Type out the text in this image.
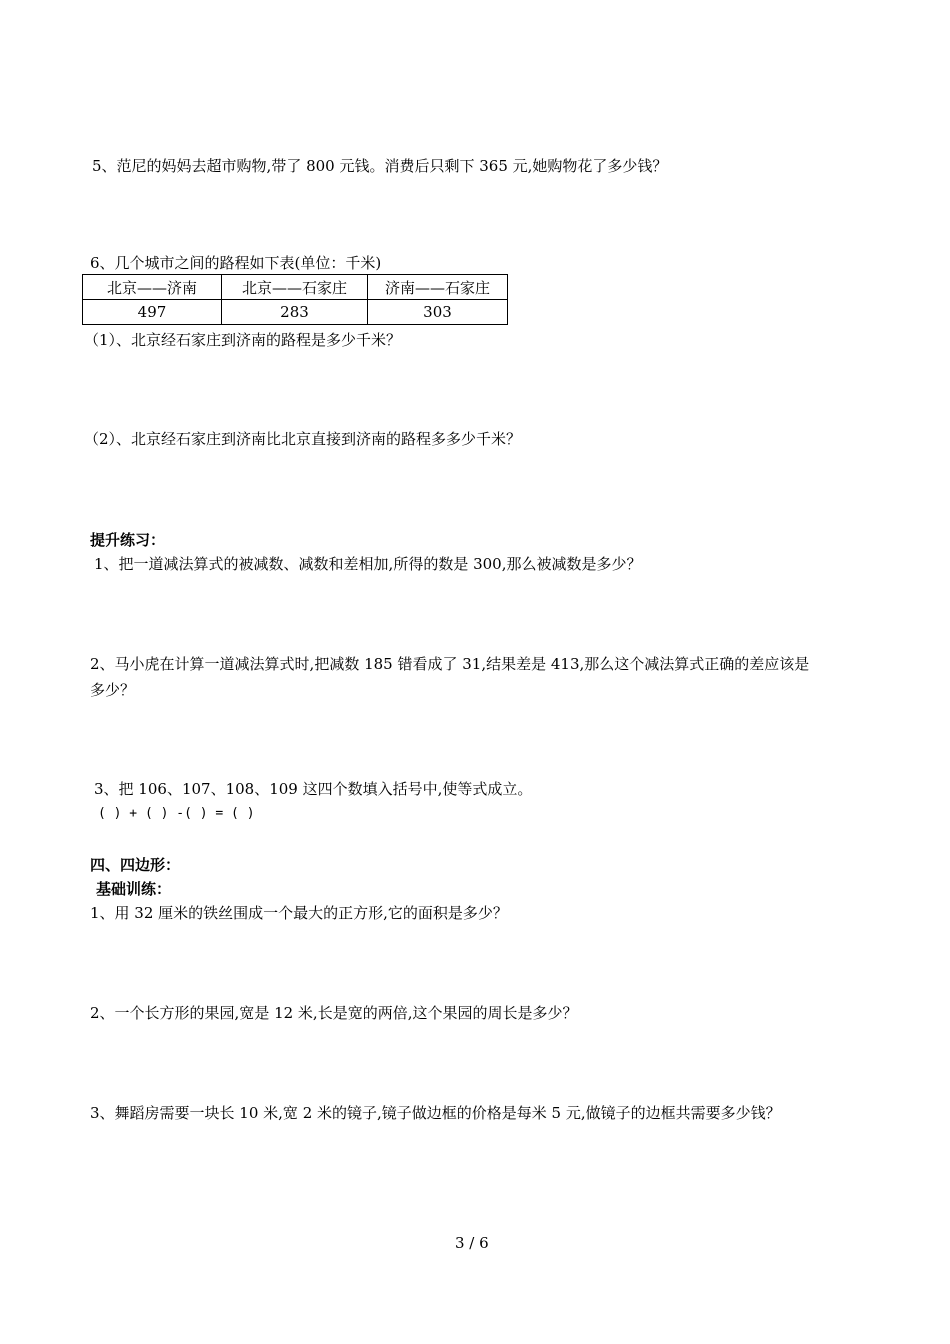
5、范尼的妈妈去超市购物,带了 800 元钱。消费后只剩下 365 元,她购物花了多少钱？
6、几个城市之间的路程如下表(单位：千米)
北京——济南	北京——石家庄	济南——石家庄
497	283	303
（1）、北京经石家庄到济南的路程是多少千米？
（2）、北京经石家庄到济南比北京直接到济南的路程多多少千米？
提升练习：
1、把一道减法算式的被减数、减数和差相加,所得的数是 300,那么被减数是多少？
2、马小虎在计算一道减法算式时,把减数 185 错看成了 31,结果差是 413,那么这个减法算式正确的差应该是
多少？
3、把 106、107、108、109 这四个数填入括号中,使等式成立。
( ) + ( ) -( ) = ( )
四、四边形：
基础训练：
1、用 32 厘米的铁丝围成一个最大的正方形,它的面积是多少？
2、一个长方形的果园,宽是 12 米,长是宽的两倍,这个果园的周长是多少？
3、舞蹈房需要一块长 10 米,宽 2 米的镜子,镜子做边框的价格是每米 5 元,做镜子的边框共需要多少钱？
3 / 6
